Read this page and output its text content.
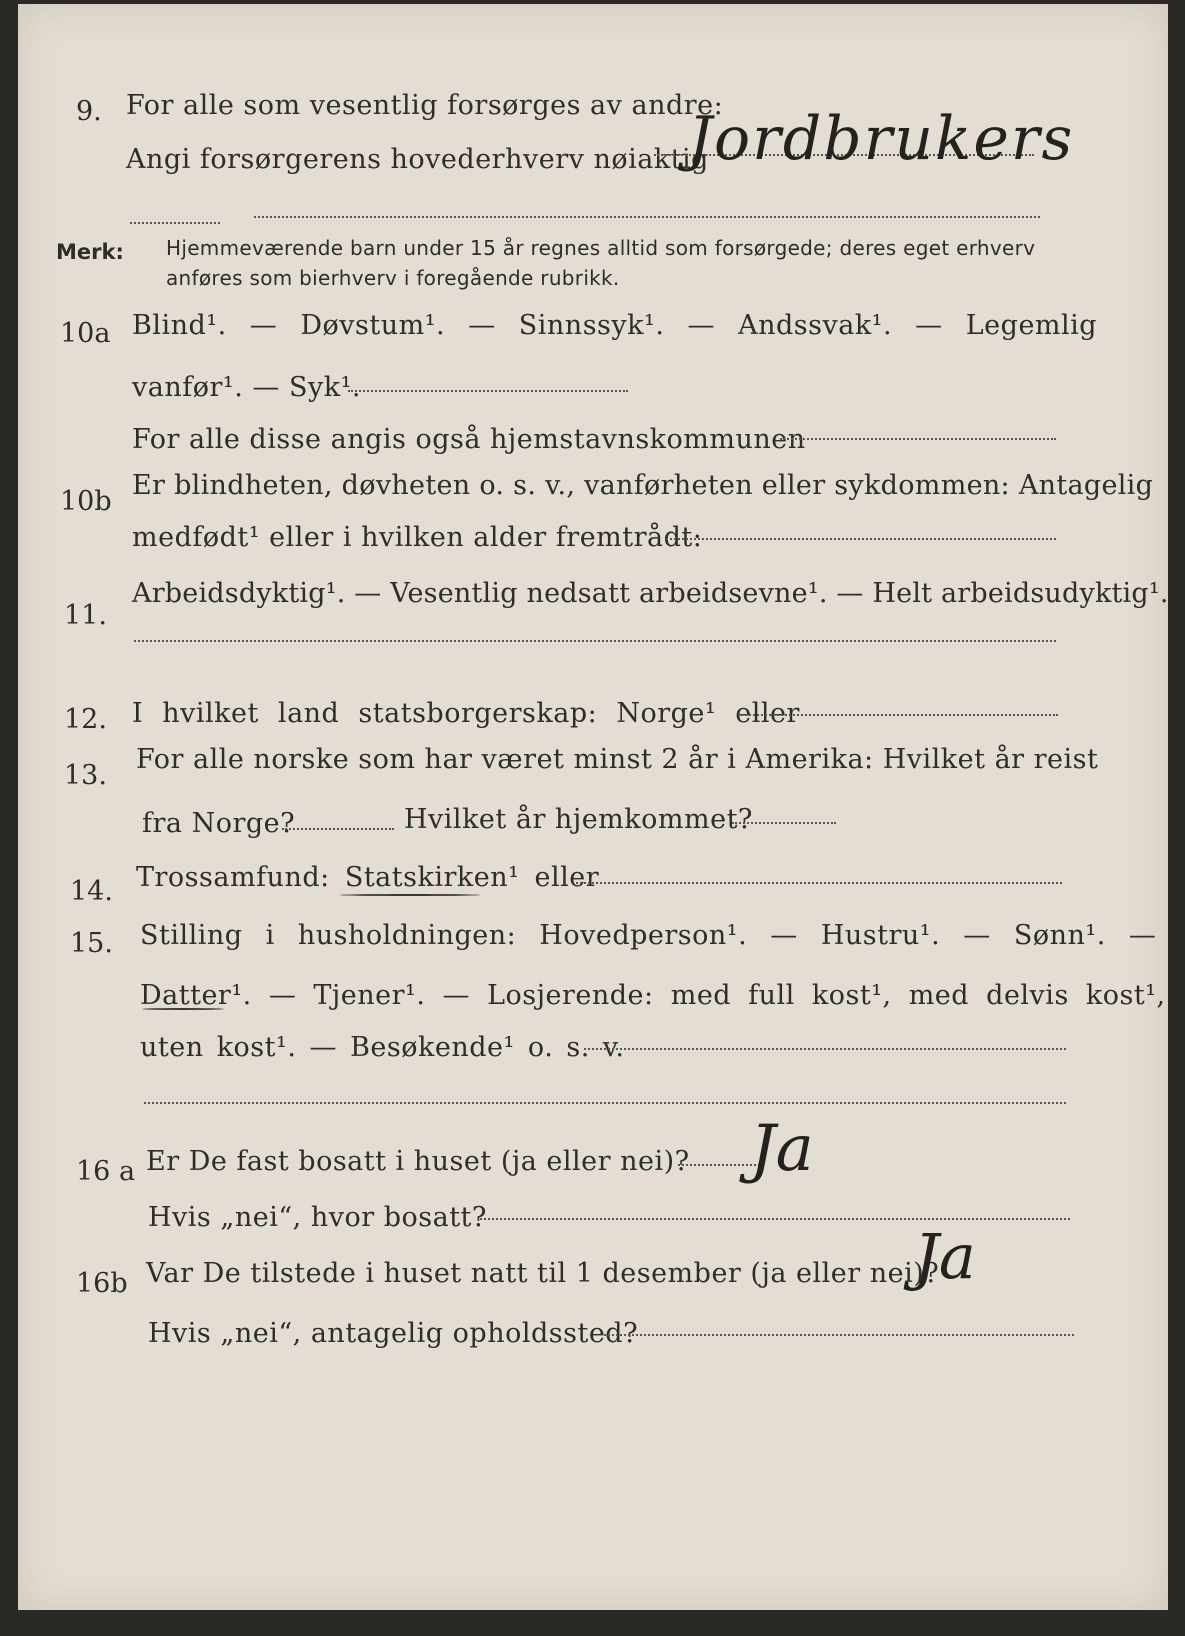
9. For alle som vesentlig forsørges av andre:
Angi forsørgerens hovederhverv nøiaktig
Jordbrukers
Merk: Hjemmeværende barn under 15 år regnes alltid som forsørgede; deres eget erhverv
anføres som bierhverv i foregående rubrikk.
10a Blind¹. — Døvstum¹. — Sinnssyk¹. — Andssvak¹. — Legemlig
vanfør¹. — Syk¹.
For alle disse angis også hjemstavnskommunen
10b
Er blindheten, døvheten o. s. v., vanførheten eller sykdommen: Antagelig
medfødt¹ eller i hvilken alder fremtrådt:
11.
Arbeidsdyktig¹. — Vesentlig nedsatt arbeidsevne¹. — Helt arbeidsudyktig¹.
12. I hvilket land statsborgerskap: Norge¹ eller
13.
For alle norske som har været minst 2 år i Amerika: Hvilket år reist
fra Norge?	Hvilket år hjemkommet?
14. Trossamfund: Statskirken¹ eller
15. Stilling i husholdningen: Hovedperson¹. — Hustru¹. — Sønn¹. —
Datter¹. — Tjener¹. — Losjerende: med full kost¹, med delvis kost¹,
uten kost¹. — Besøkende¹ o. s. v.
16 a Er De fast bosatt i huset (ja eller nei)? Ja
Hvis „nei“, hvor bosatt?
16b Var De tilstede i huset natt til 1 desember (ja eller nei)?
Ja
Hvis „nei“, antagelig opholdssted?
